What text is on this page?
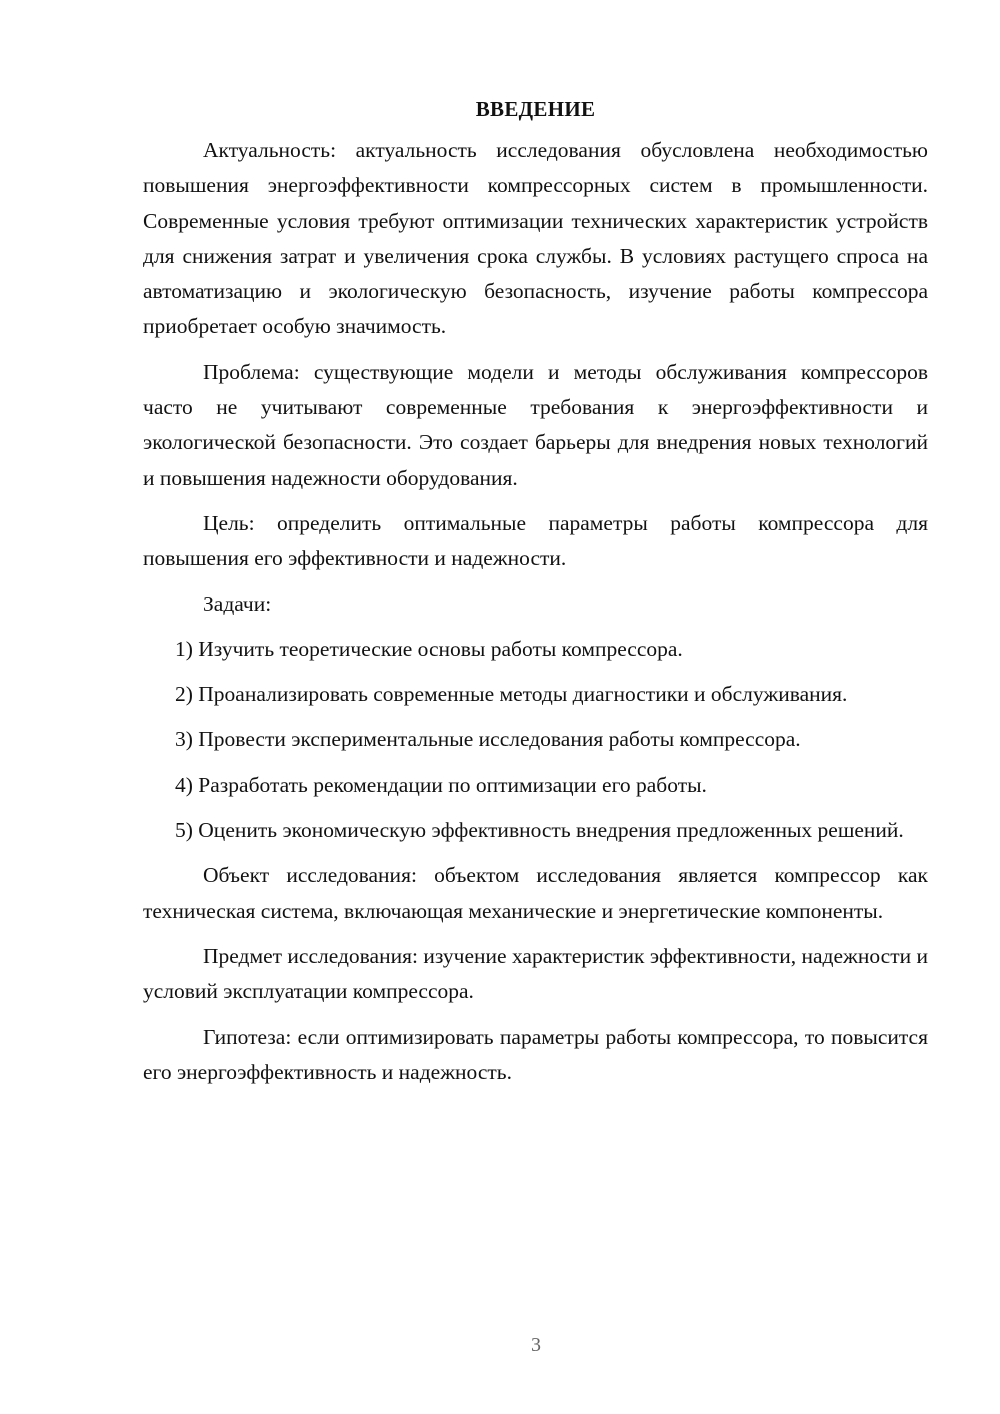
ВВЕДЕНИЕ

Актуальность: актуальность исследования обусловлена необходимостью повышения энергоэффективности компрессорных систем в промышленности. Современные условия требуют оптимизации технических характеристик устройств для снижения затрат и увеличения срока службы. В условиях растущего спроса на автоматизацию и экологическую безопасность, изучение работы компрессора приобретает особую значимость.

Проблема: существующие модели и методы обслуживания компрессоров часто не учитывают современные требования к энергоэффективности и экологической безопасности. Это создает барьеры для внедрения новых технологий и повышения надежности оборудования.

Цель: определить оптимальные параметры работы компрессора для повышения его эффективности и надежности.

Задачи:

1) Изучить теоретические основы работы компрессора.

2) Проанализировать современные методы диагностики и обслуживания.

3) Провести экспериментальные исследования работы компрессора.

4) Разработать рекомендации по оптимизации его работы.

5) Оценить экономическую эффективность внедрения предложенных решений.

Объект исследования: объектом исследования является компрессор как техническая система, включающая механические и энергетические компоненты.

Предмет исследования: изучение характеристик эффективности, надежности и условий эксплуатации компрессора.

Гипотеза: если оптимизировать параметры работы компрессора, то повысится его энергоэффективность и надежность.

3
